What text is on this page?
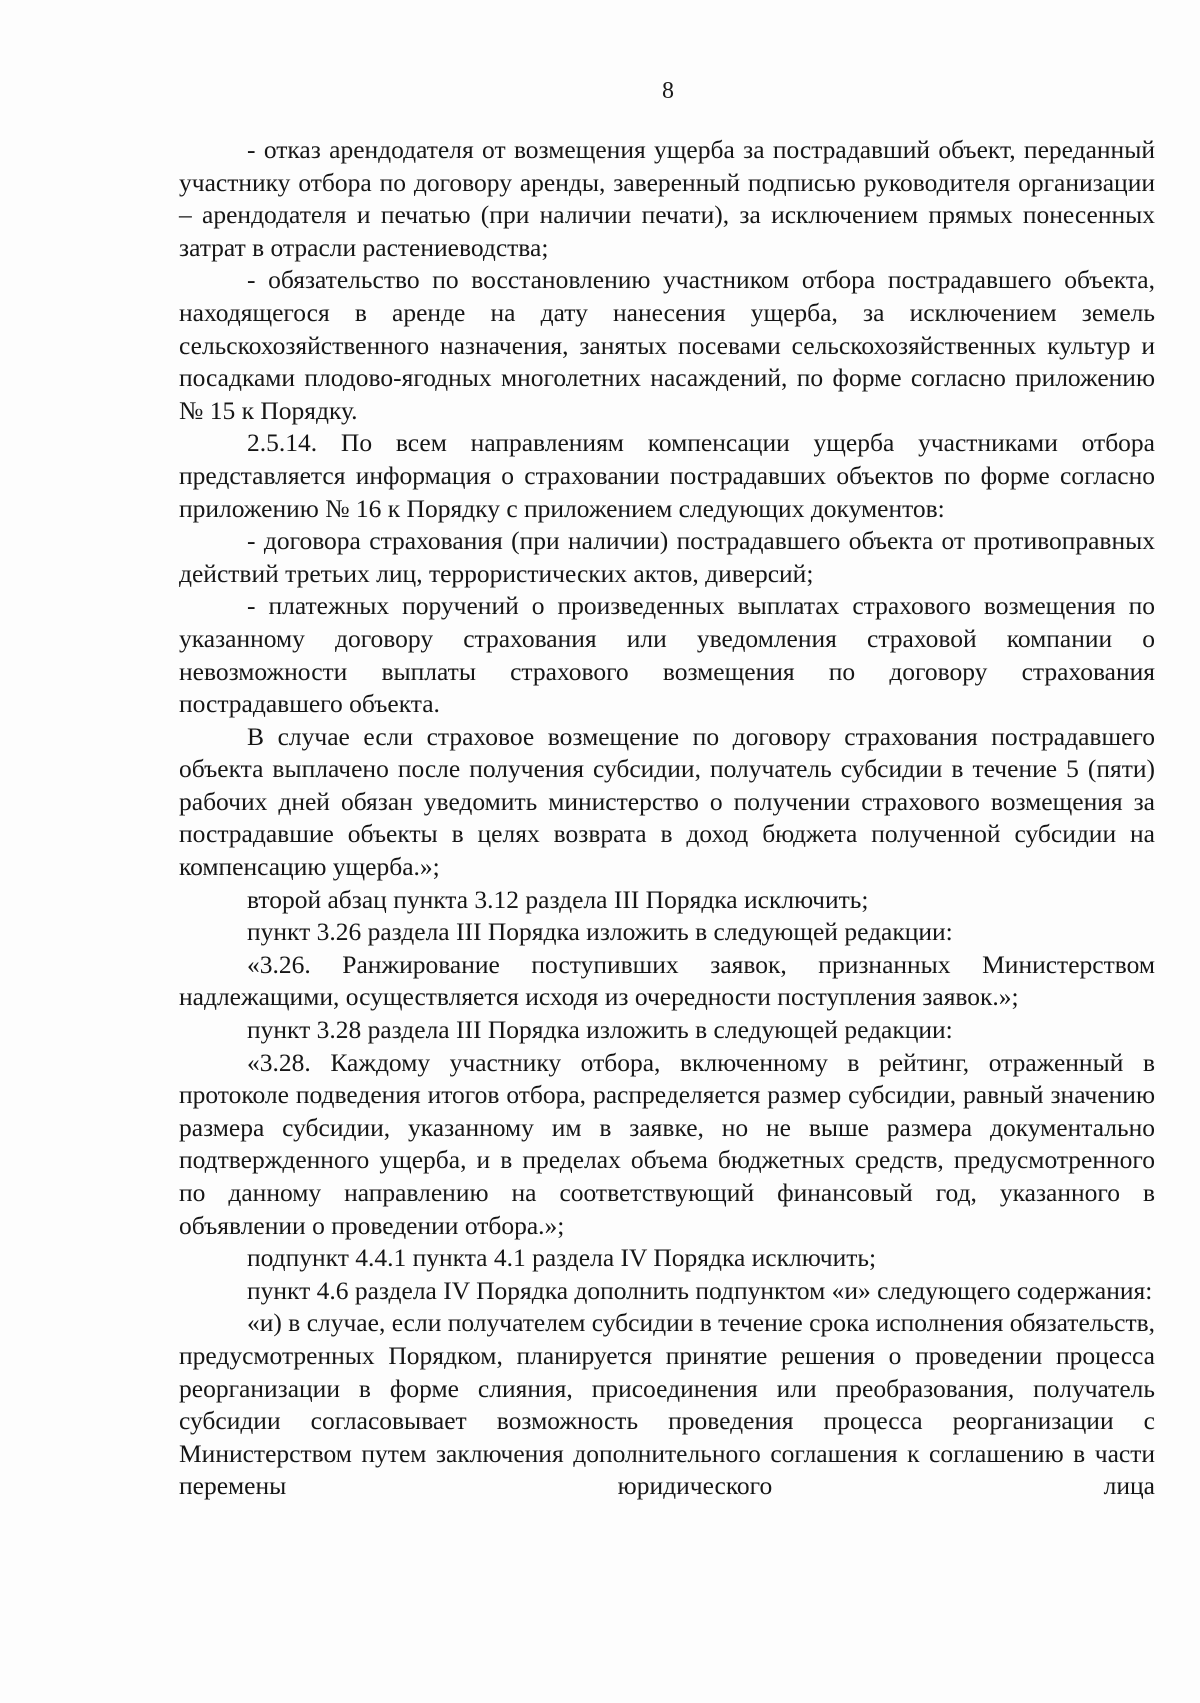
8

- отказ арендодателя от возмещения ущерба за пострадавший объект, переданный участнику отбора по договору аренды, заверенный подписью руководителя организации – арендодателя и печатью (при наличии печати), за исключением прямых понесенных затрат в отрасли растениеводства;

- обязательство по восстановлению участником отбора пострадавшего объекта, находящегося в аренде на дату нанесения ущерба, за исключением земель сельскохозяйственного назначения, занятых посевами сельскохозяйственных культур и посадками плодово-ягодных многолетних насаждений, по форме согласно приложению № 15 к Порядку.

2.5.14. По всем направлениям компенсации ущерба участниками отбора представляется информация о страховании пострадавших объектов по форме согласно приложению № 16 к Порядку с приложением следующих документов:

- договора страхования (при наличии) пострадавшего объекта от противоправных действий третьих лиц, террористических актов, диверсий;

- платежных поручений о произведенных выплатах страхового возмещения по указанному договору страхования или уведомления страховой компании о невозможности выплаты страхового возмещения по договору страхования пострадавшего объекта.

В случае если страховое возмещение по договору страхования пострадавшего объекта выплачено после получения субсидии, получатель субсидии в течение 5 (пяти) рабочих дней обязан уведомить министерство о получении страхового возмещения за пострадавшие объекты в целях возврата в доход бюджета полученной субсидии на компенсацию ущерба.»;

второй абзац пункта 3.12 раздела III Порядка исключить;

пункт 3.26 раздела III Порядка изложить в следующей редакции:

«3.26. Ранжирование поступивших заявок, признанных Министерством надлежащими, осуществляется исходя из очередности поступления заявок.»;

пункт 3.28 раздела III Порядка изложить в следующей редакции:

«3.28. Каждому участнику отбора, включенному в рейтинг, отраженный в протоколе подведения итогов отбора, распределяется размер субсидии, равный значению размера субсидии, указанному им в заявке, но не выше размера документально подтвержденного ущерба, и в пределах объема бюджетных средств, предусмотренного по данному направлению на соответствующий финансовый год, указанного в объявлении о проведении отбора.»;

подпункт 4.4.1 пункта 4.1 раздела IV Порядка исключить;

пункт 4.6 раздела IV Порядка дополнить подпунктом «и» следующего содержания:

«и) в случае, если получателем субсидии в течение срока исполнения обязательств, предусмотренных Порядком, планируется принятие решения о проведении процесса реорганизации в форме слияния, присоединения или преобразования, получатель субсидии согласовывает возможность проведения процесса реорганизации с Министерством путем заключения дополнительного соглашения к соглашению в части перемены юридического лица
